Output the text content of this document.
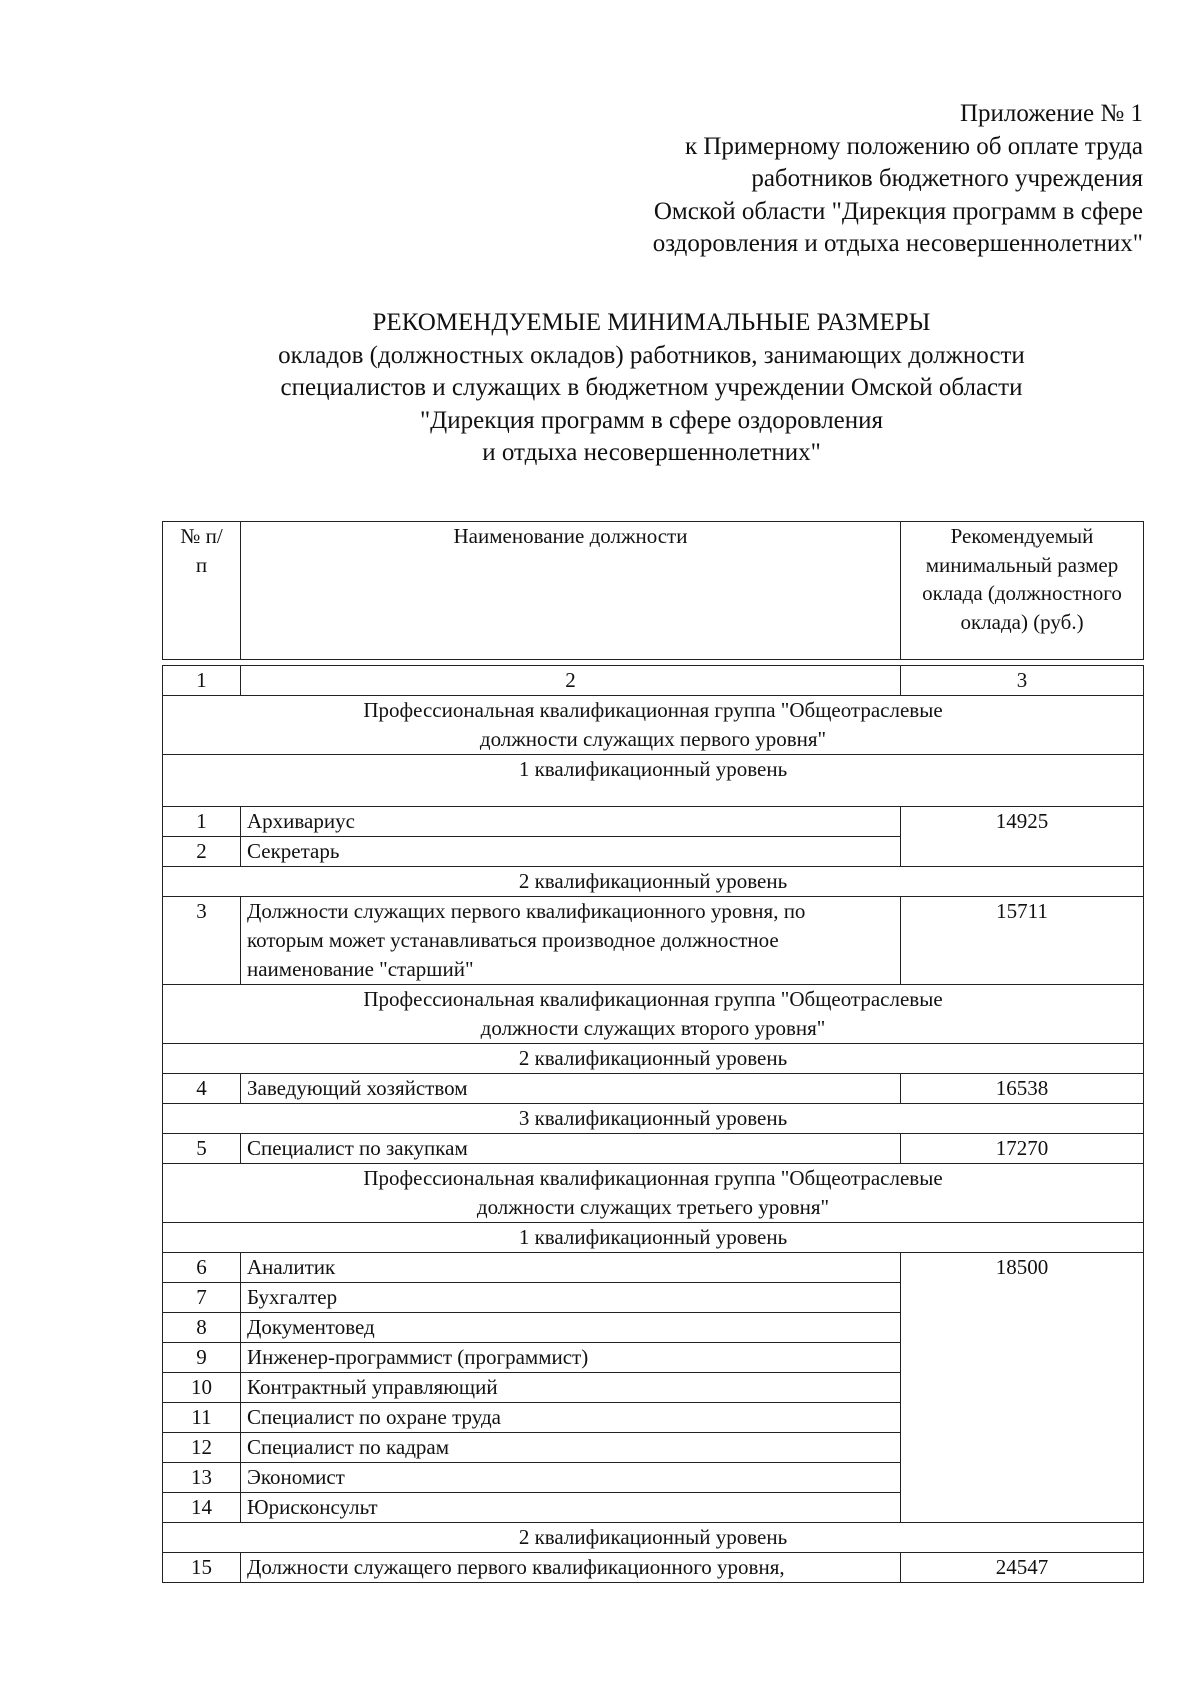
Приложение № 1
к Примерному положению об оплате труда
работников бюджетного учреждения
Омской области "Дирекция программ в сфере
оздоровления и отдыха несовершеннолетних"
РЕКОМЕНДУЕМЫЕ МИНИМАЛЬНЫЕ РАЗМЕРЫ
окладов (должностных окладов) работников, занимающих должности
специалистов и служащих в бюджетном учреждении Омской области
"Дирекция программ в сфере оздоровления
и отдыха несовершеннолетних"
№ п/п	Наименование должности	Рекомендуемый минимальный размер оклада (должностного оклада) (руб.)

1	2	3
Профессиональная квалификационная группа "Общеотраслевые должности служащих первого уровня"		
1 квалификационный уровень		
1	Архивариус	14925
2	Секретарь	
2 квалификационный уровень		
3	Должности служащих первого квалификационного уровня, по которым может устанавливаться производное должностное наименование "старший"	15711
Профессиональная квалификационная группа "Общеотраслевые должности служащих второго уровня"		
2 квалификационный уровень		
4	Заведующий хозяйством	16538
3 квалификационный уровень		
5	Специалист по закупкам	17270
Профессиональная квалификационная группа "Общеотраслевые должности служащих третьего уровня"		
1 квалификационный уровень		
6	Аналитик	18500
7	Бухгалтер	
8	Документовед	
9	Инженер-программист (программист)	
10	Контрактный управляющий	
11	Специалист по охране труда	
12	Специалист по кадрам	
13	Экономист	
14	Юрисконсульт	
2 квалификационный уровень		
15	Должности служащего первого квалификационного уровня,	24547
